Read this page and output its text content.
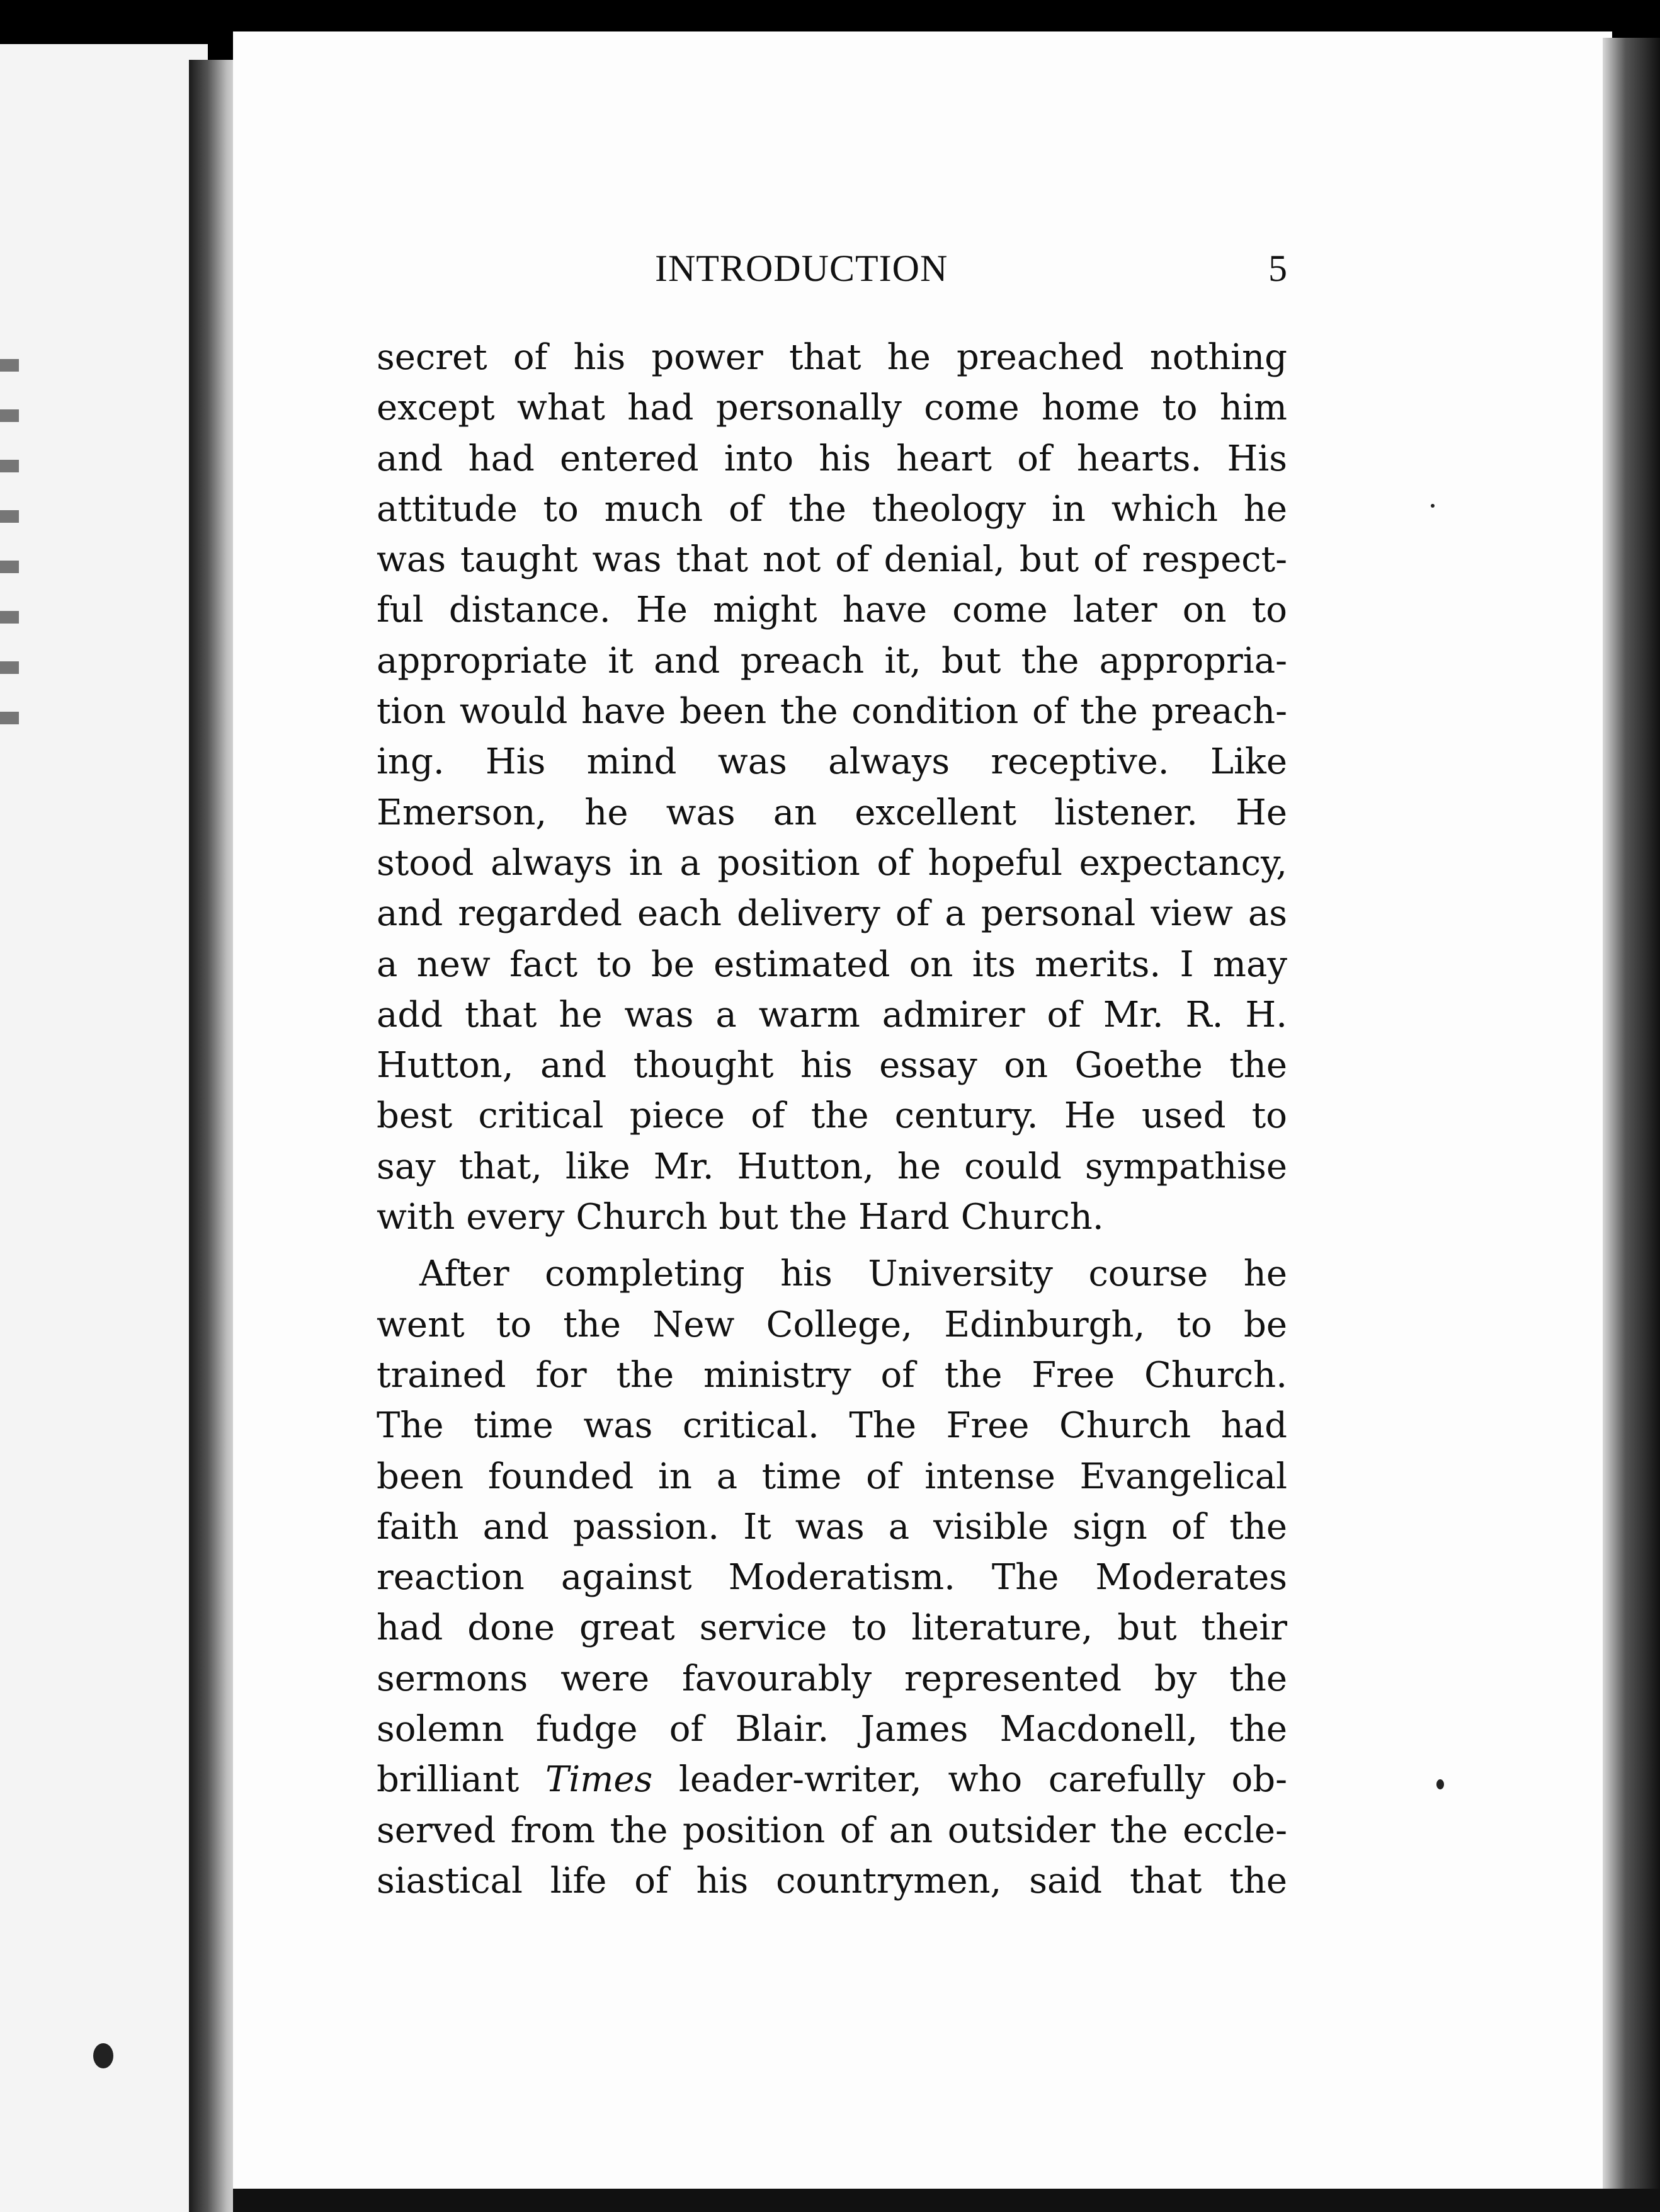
INTRODUCTION	5
secret of his power that he preached nothing
except what had personally come home to him
and had entered into his heart of hearts. His
attitude to much of the theology in which he
was taught was that not of denial, but of respect-
ful distance. He might have come later on to
appropriate it and preach it, but the appropria-
tion would have been the condition of the preach-
ing. His mind was always receptive. Like
Emerson, he was an excellent listener. He
stood always in a position of hopeful expectancy,
and regarded each delivery of a personal view as
a new fact to be estimated on its merits. I may
add that he was a warm admirer of Mr. R. H.
Hutton, and thought his essay on Goethe the
best critical piece of the century. He used to
say that, like Mr. Hutton, he could sympathise
with every Church but the Hard Church.
After completing his University course he
went to the New College, Edinburgh, to be
trained for the ministry of the Free Church.
The time was critical. The Free Church had
been founded in a time of intense Evangelical
faith and passion. It was a visible sign of the
reaction against Moderatism. The Moderates
had done great service to literature, but their
sermons were favourably represented by the
solemn fudge of Blair. James Macdonell, the
brilliant Times leader-writer, who carefully ob-
served from the position of an outsider the eccle-
siastical life of his countrymen, said that the
